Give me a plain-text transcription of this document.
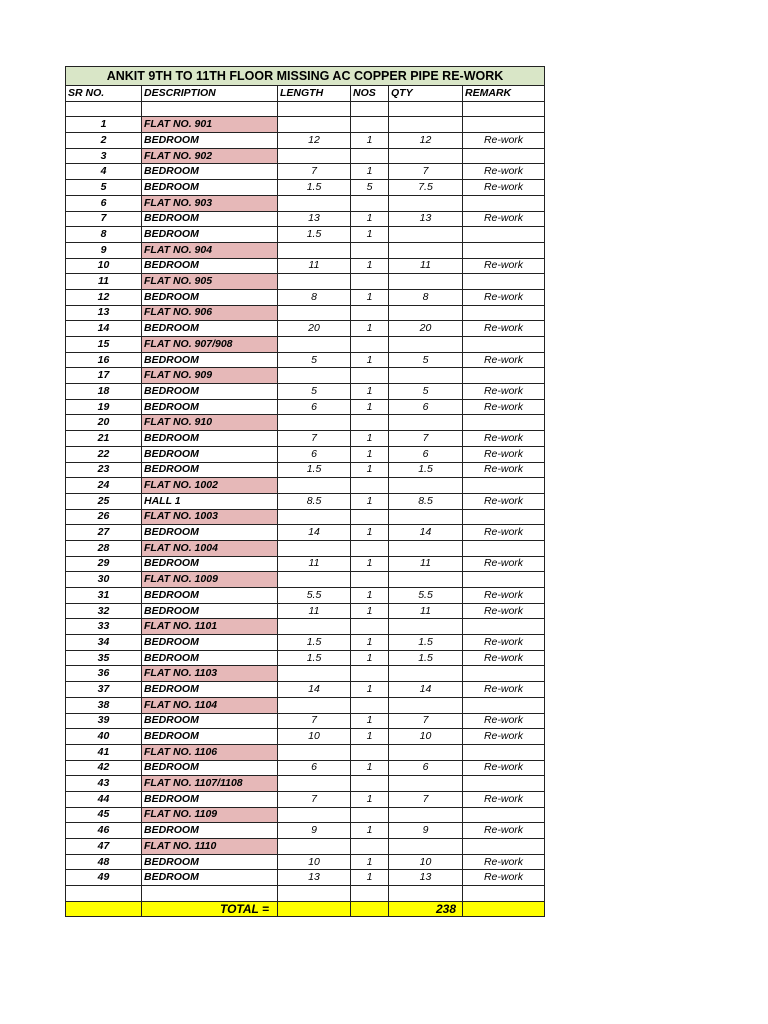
ANKIT 9TH TO 11TH FLOOR MISSING AC COPPER PIPE RE-WORK					
SR NO.	DESCRIPTION	LENGTH	NOS	QTY	REMARK

1	FLAT NO. 901				
2	BEDROOM	12	1	12	Re-work
3	FLAT NO. 902				
4	BEDROOM	7	1	7	Re-work
5	BEDROOM	1.5	5	7.5	Re-work
6	FLAT NO. 903				
7	BEDROOM	13	1	13	Re-work
8	BEDROOM	1.5	1		
9	FLAT NO. 904				
10	BEDROOM	11	1	11	Re-work
11	FLAT NO. 905				
12	BEDROOM	8	1	8	Re-work
13	FLAT NO. 906				
14	BEDROOM	20	1	20	Re-work
15	FLAT NO. 907/908				
16	BEDROOM	5	1	5	Re-work
17	FLAT NO. 909				
18	BEDROOM	5	1	5	Re-work
19	BEDROOM	6	1	6	Re-work
20	FLAT NO. 910				
21	BEDROOM	7	1	7	Re-work
22	BEDROOM	6	1	6	Re-work
23	BEDROOM	1.5	1	1.5	Re-work
24	FLAT NO. 1002				
25	HALL 1	8.5	1	8.5	Re-work
26	FLAT NO. 1003				
27	BEDROOM	14	1	14	Re-work
28	FLAT NO. 1004				
29	BEDROOM	11	1	11	Re-work
30	FLAT NO. 1009				
31	BEDROOM	5.5	1	5.5	Re-work
32	BEDROOM	11	1	11	Re-work
33	FLAT NO. 1101				
34	BEDROOM	1.5	1	1.5	Re-work
35	BEDROOM	1.5	1	1.5	Re-work
36	FLAT NO. 1103				
37	BEDROOM	14	1	14	Re-work
38	FLAT NO. 1104				
39	BEDROOM	7	1	7	Re-work
40	BEDROOM	10	1	10	Re-work
41	FLAT NO. 1106				
42	BEDROOM	6	1	6	Re-work
43	FLAT NO. 1107/1108				
44	BEDROOM	7	1	7	Re-work
45	FLAT NO. 1109				
46	BEDROOM	9	1	9	Re-work
47	FLAT NO. 1110				
48	BEDROOM	10	1	10	Re-work
49	BEDROOM	13	1	13	Re-work

	TOTAL =			238	
